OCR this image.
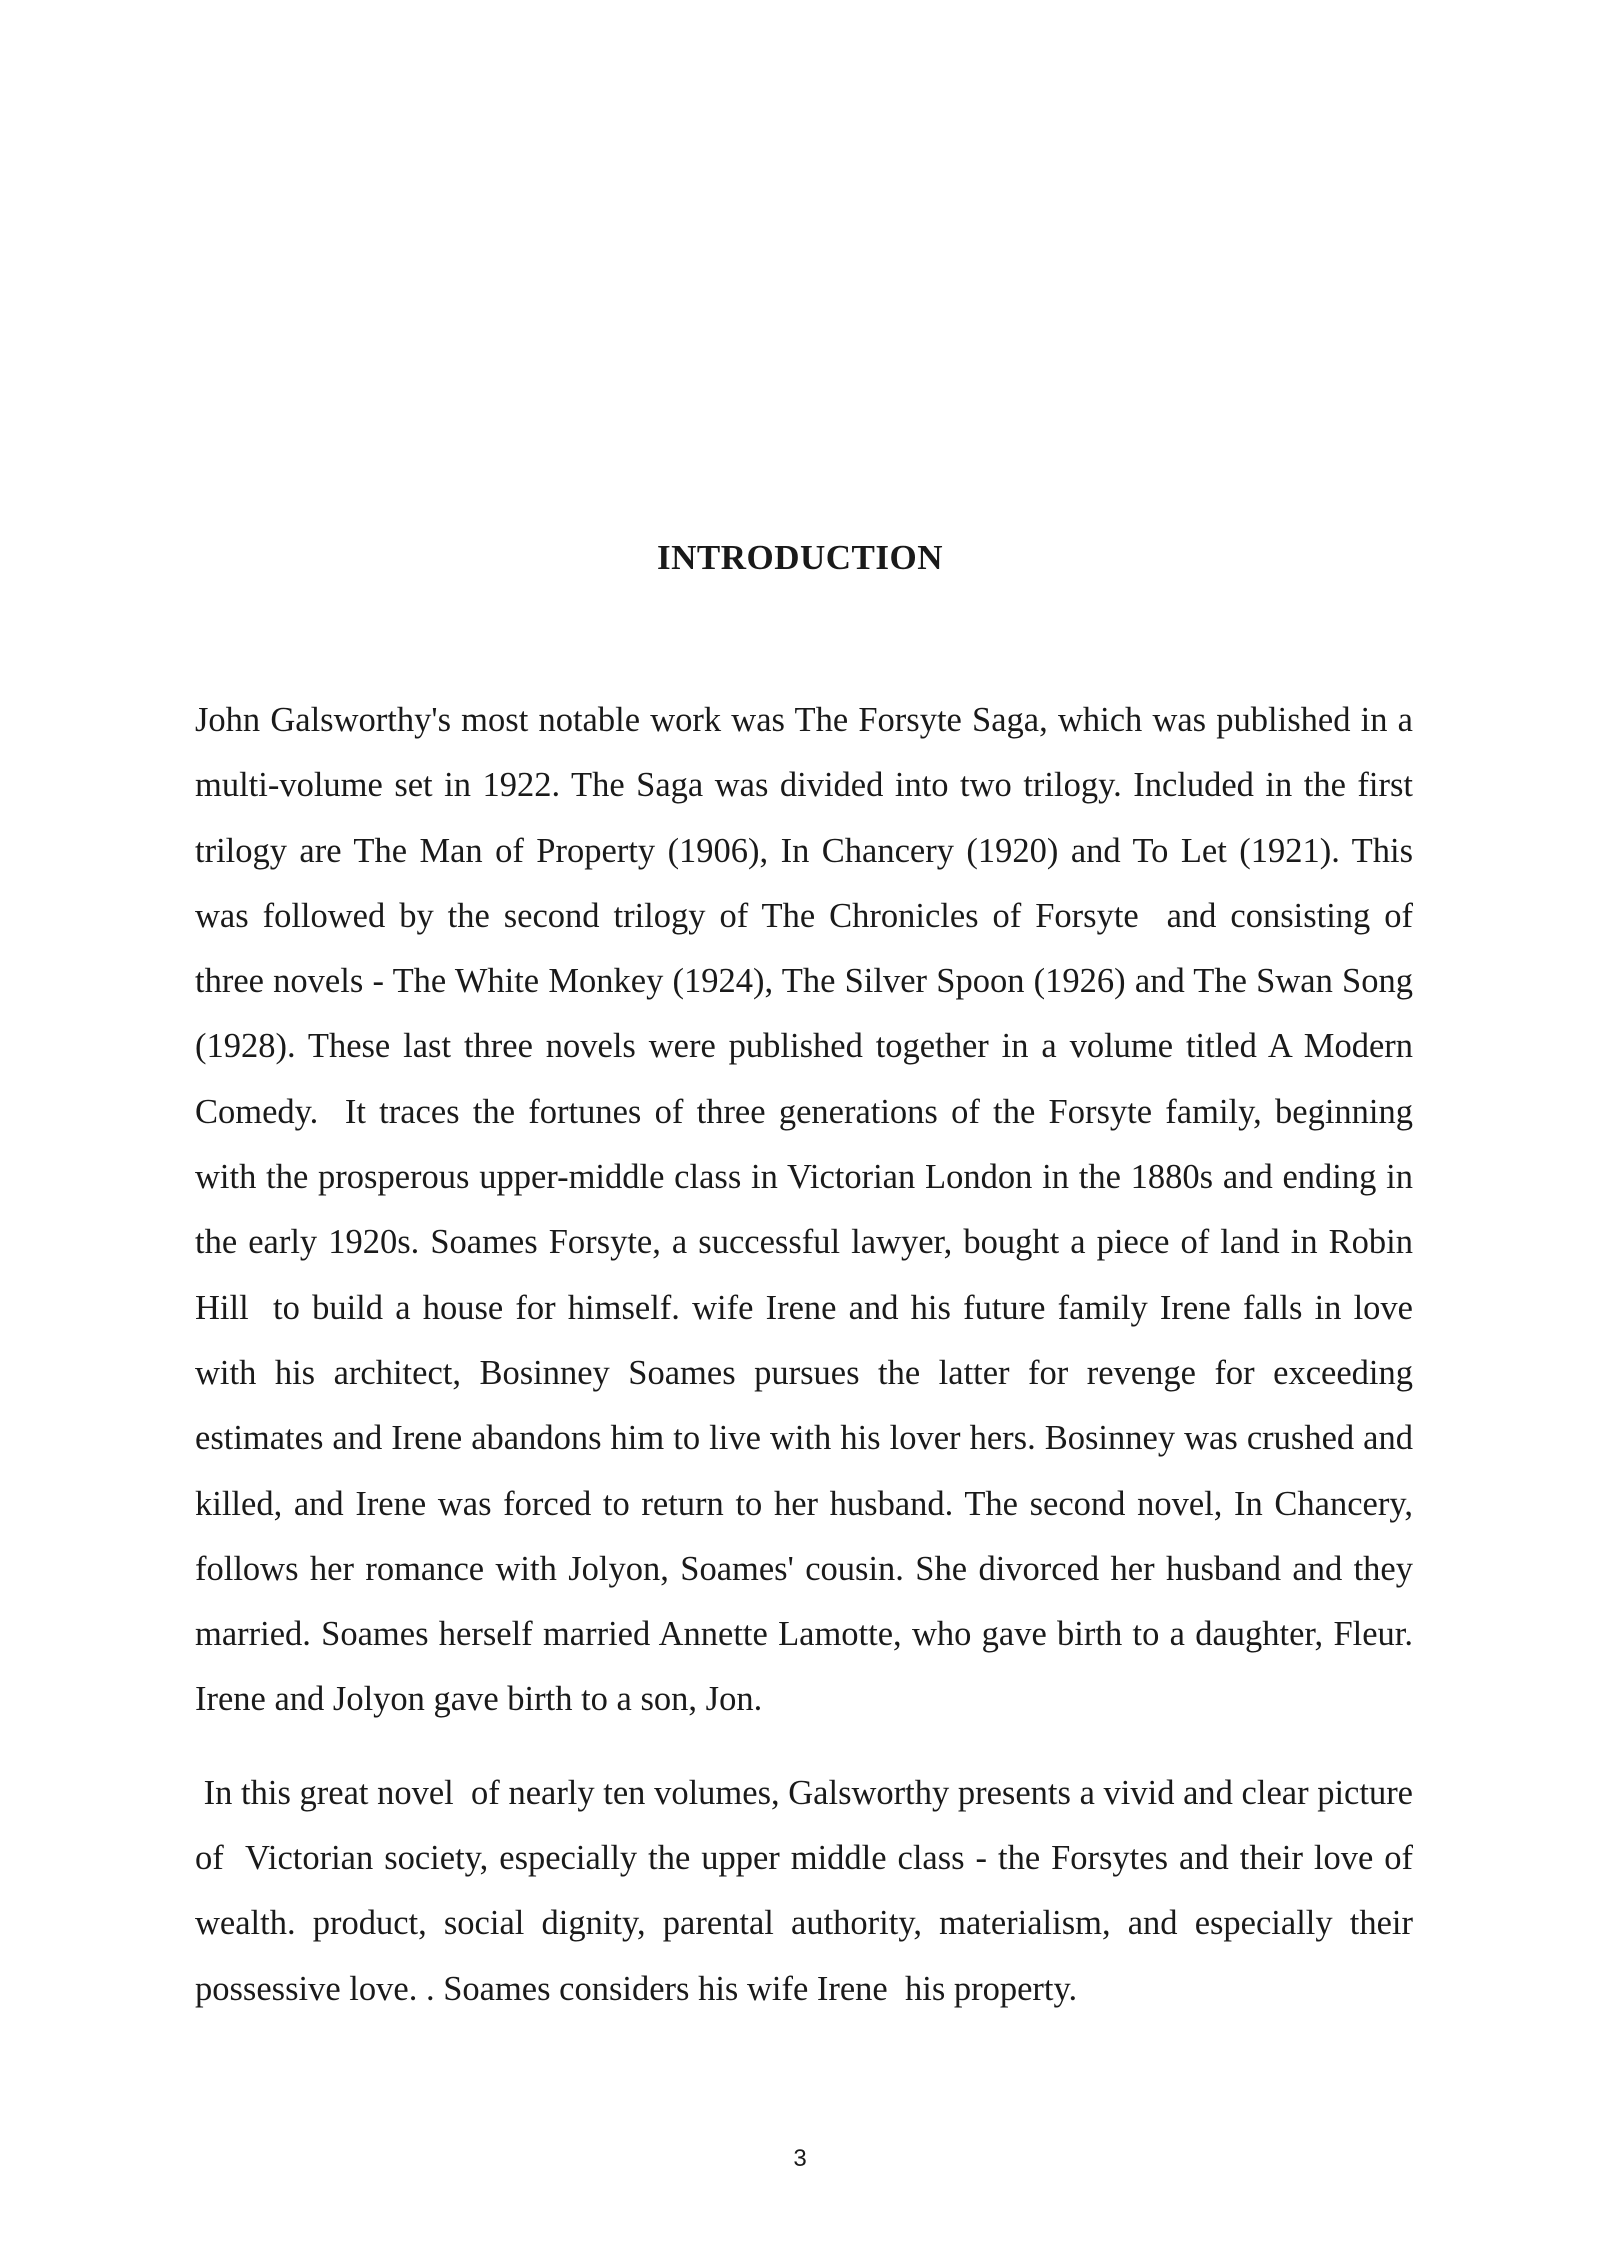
INTRODUCTION

John Galsworthy's most notable work was The Forsyte Saga, which was published in a multi-volume set in 1922. The Saga was divided into two trilogy. Included in the first trilogy are The Man of Property (1906), In Chancery (1920) and To Let (1921). This was followed by the second trilogy of The Chronicles of Forsyte  and consisting of three novels - The White Monkey (1924), The Silver Spoon (1926) and The Swan Song (1928). These last three novels were published together in a volume titled A Modern Comedy.  It traces the fortunes of three generations of the Forsyte family, beginning with the prosperous upper-middle class in Victorian London in the 1880s and ending in the early 1920s. Soames Forsyte, a successful lawyer, bought a piece of land in Robin Hill  to build a house for himself. wife Irene and his future family Irene falls in love with his architect, Bosinney Soames pursues the latter for revenge for exceeding  estimates and Irene abandons him to live with his lover hers. Bosinney was crushed and killed, and Irene was forced to return to her husband. The second novel, In Chancery, follows her romance with Jolyon, Soames' cousin. She divorced her husband and they married. Soames herself married Annette Lamotte, who gave birth to a daughter, Fleur. Irene and Jolyon gave birth to a son, Jon.

In this great novel  of nearly ten volumes, Galsworthy presents a vivid and clear picture of  Victorian society, especially the upper middle class - the Forsytes and their love of wealth. product, social dignity, parental authority, materialism, and especially their possessive love. . Soames considers his wife Irene  his property.

3
